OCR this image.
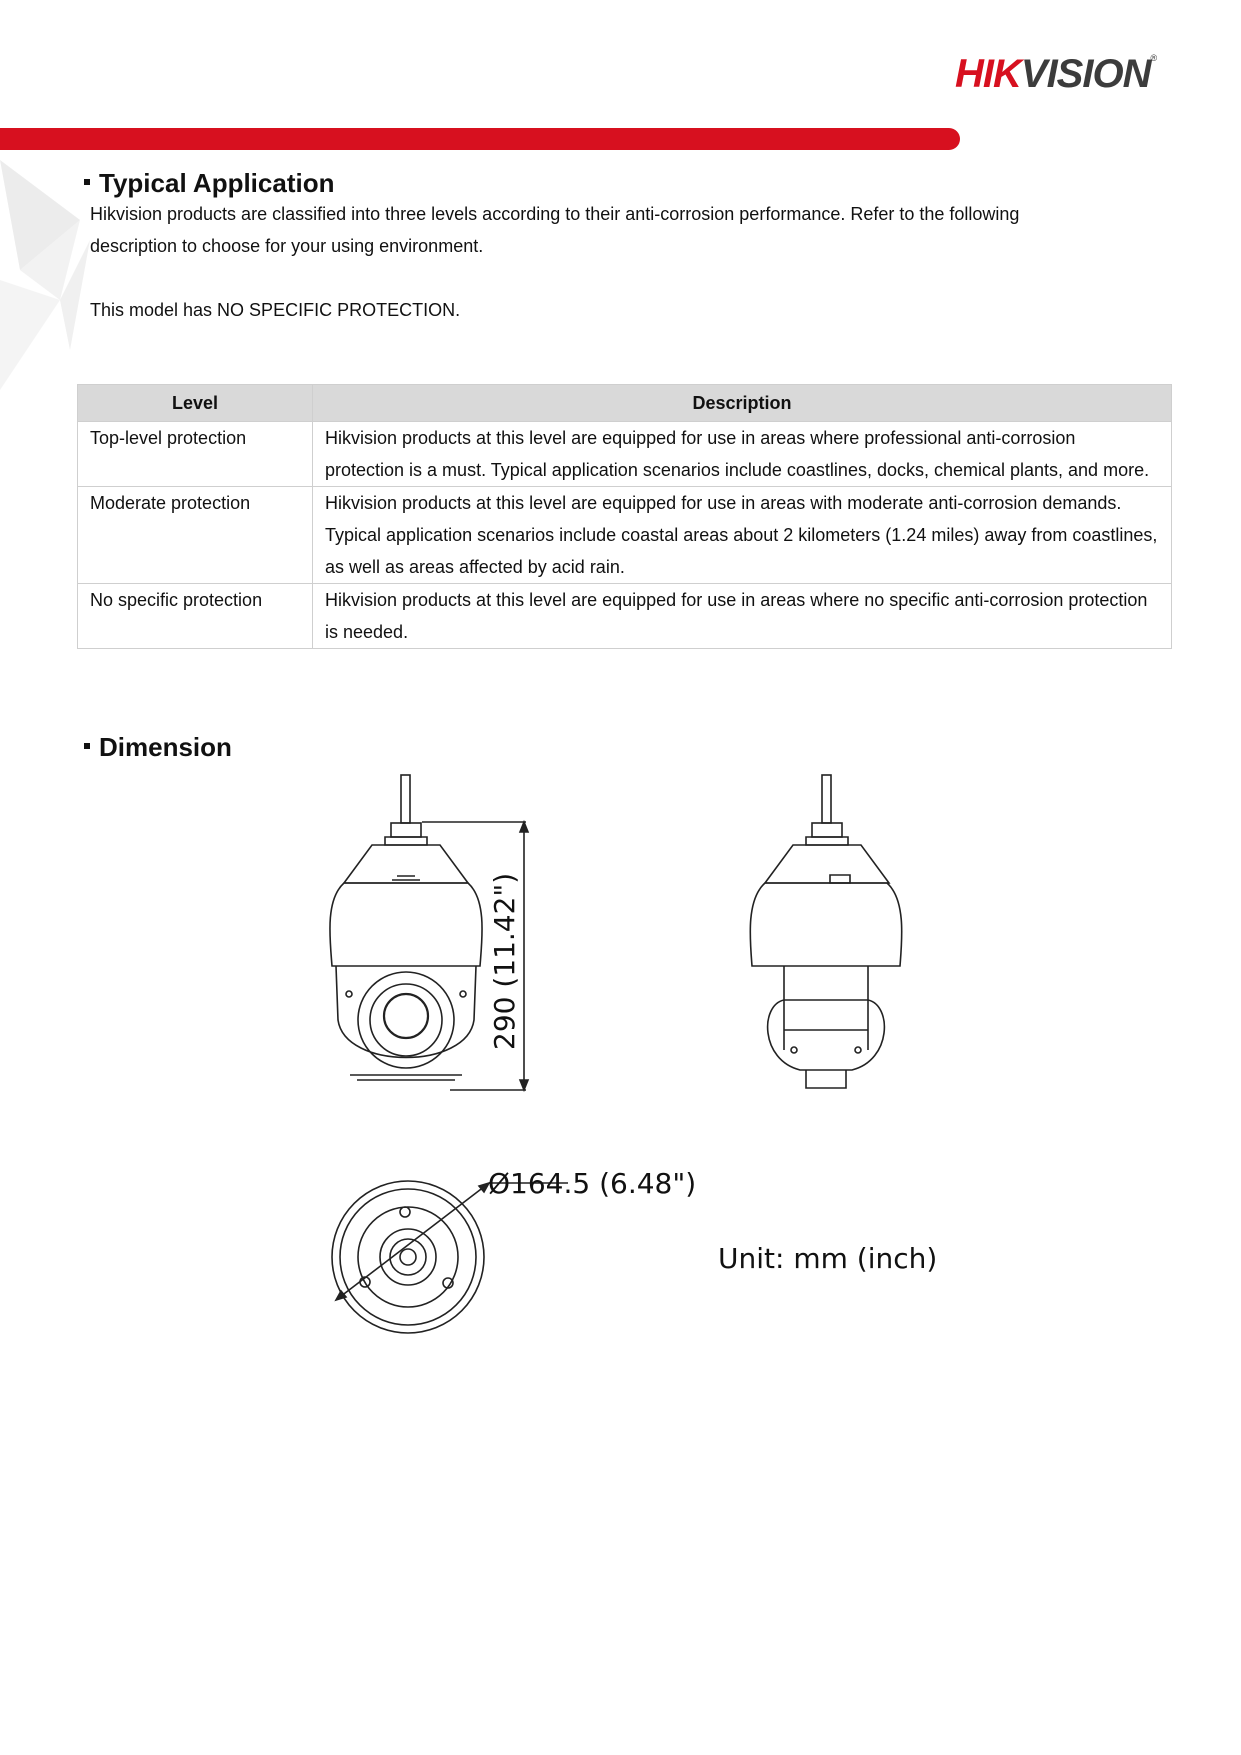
HIKVISION®
Typical Application
Hikvision products are classified into three levels according to their anti-corrosion performance. Refer to the following
description to choose for your using environment.
This model has NO SPECIFIC PROTECTION.
Level	Description
Top-level protection	Hikvision products at this level are equipped for use in areas where professional anti-corrosion protection is a must. Typical application scenarios include coastlines, docks, chemical plants, and more.
Moderate protection	Hikvision products at this level are equipped for use in areas with moderate anti-corrosion demands. Typical application scenarios include coastal areas about 2 kilometers (1.24 miles) away from coastlines, as well as areas affected by acid rain.
No specific protection	Hikvision products at this level are equipped for use in areas where no specific anti-corrosion protection is needed.
Dimension
290 (11.42")
Ø164.5 (6.48")
Unit: mm (inch)
